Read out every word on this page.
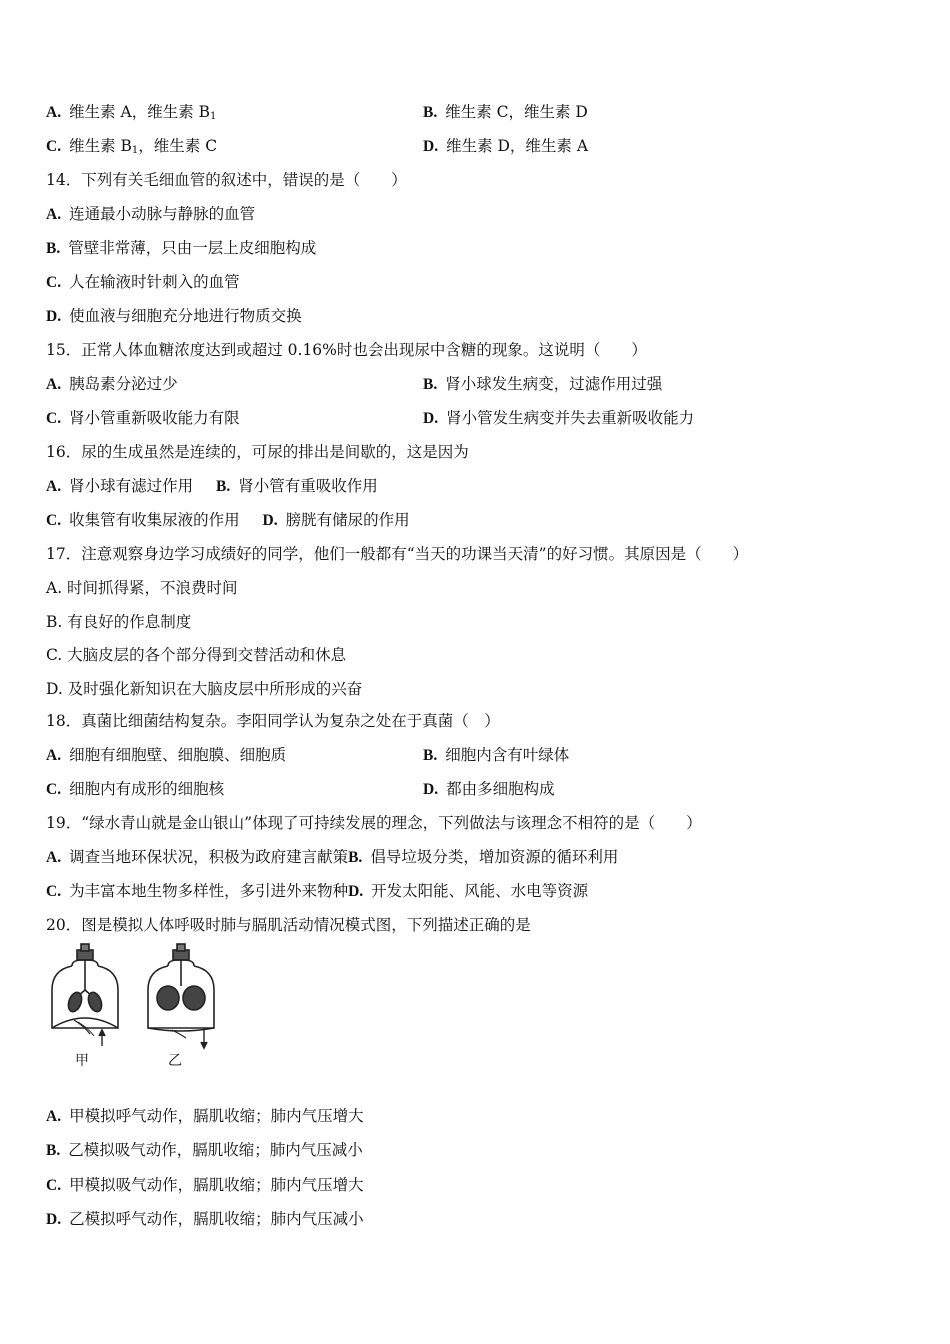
A. 维生素 A，维生素 $B_1$	B. 维生素 C，维生素 D
C. 维生素 $B_1$，维生素 C	D. 维生素 D，维生素 A
14．下列有关毛细血管的叙述中，错误的是（　　）
A. 连通最小动脉与静脉的血管
B. 管壁非常薄，只由一层上皮细胞构成
C. 人在输液时针刺入的血管
D. 使血液与细胞充分地进行物质交换
15．正常人体血糖浓度达到或超过 0.16%时也会出现尿中含糖的现象。这说明（　　）
A. 胰岛素分泌过少	B. 肾小球发生病变，过滤作用过强
C. 肾小管重新吸收能力有限	D. 肾小管发生病变并失去重新吸收能力
16．尿的生成虽然是连续的，可尿的排出是间歇的，这是因为
A. 肾小球有滤过作用 B. 肾小管有重吸收作用
C. 收集管有收集尿液的作用 D. 膀胱有储尿的作用
17．注意观察身边学习成绩好的同学，他们一般都有“当天的功课当天清”的好习惯。其原因是（　　）
A. 时间抓得紧，不浪费时间
B. 有良好的作息制度
C. 大脑皮层的各个部分得到交替活动和休息
D. 及时强化新知识在大脑皮层中所形成的兴奋
18．真菌比细菌结构复杂。李阳同学认为复杂之处在于真菌（　）
A. 细胞有细胞壁、细胞膜、细胞质	B. 细胞内含有叶绿体
C. 细胞内有成形的细胞核	D. 都由多细胞构成
19．“绿水青山就是金山银山”体现了可持续发展的理念，下列做法与该理念不相符的是（　　）
A. 调查当地环保状况，积极为政府建言献策B. 倡导垃圾分类，增加资源的循环利用
C. 为丰富本地生物多样性，多引进外来物种D. 开发太阳能、风能、水电等资源
20．图是模拟人体呼吸时肺与膈肌活动情况模式图，下列描述正确的是
甲	乙
A. 甲模拟呼气动作，膈肌收缩；肺内气压增大
B. 乙模拟吸气动作，膈肌收缩；肺内气压减小
C. 甲模拟吸气动作，膈肌收缩；肺内气压增大
D. 乙模拟呼气动作，膈肌收缩；肺内气压减小
